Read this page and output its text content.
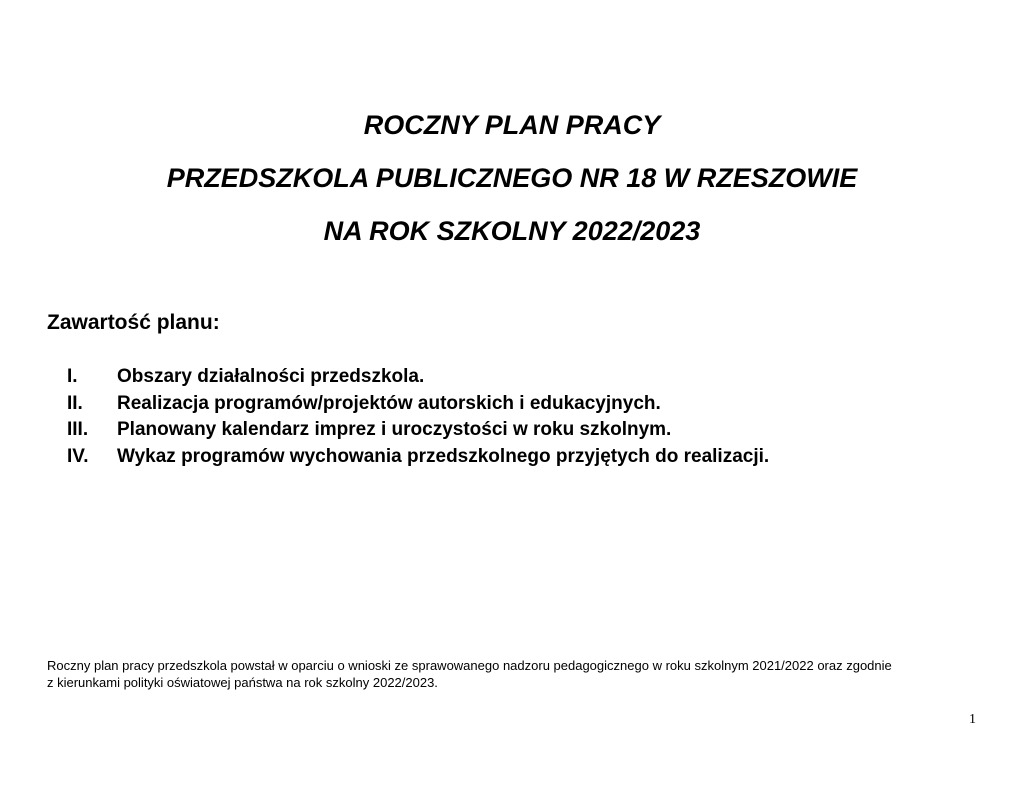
ROCZNY PLAN PRACY

PRZEDSZKOLA PUBLICZNEGO NR 18 W RZESZOWIE

NA ROK SZKOLNY 2022/2023

Zawartość planu:

I.	Obszary działalności przedszkola.
II.	Realizacja programów/projektów autorskich i edukacyjnych.
III.	Planowany kalendarz imprez i uroczystości w roku szkolnym.
IV.	Wykaz programów wychowania przedszkolnego przyjętych do realizacji.

Roczny plan pracy przedszkola powstał w oparciu o wnioski ze sprawowanego nadzoru pedagogicznego w roku szkolnym 2021/2022 oraz zgodnie
z kierunkami polityki oświatowej państwa na rok szkolny 2022/2023.

1
